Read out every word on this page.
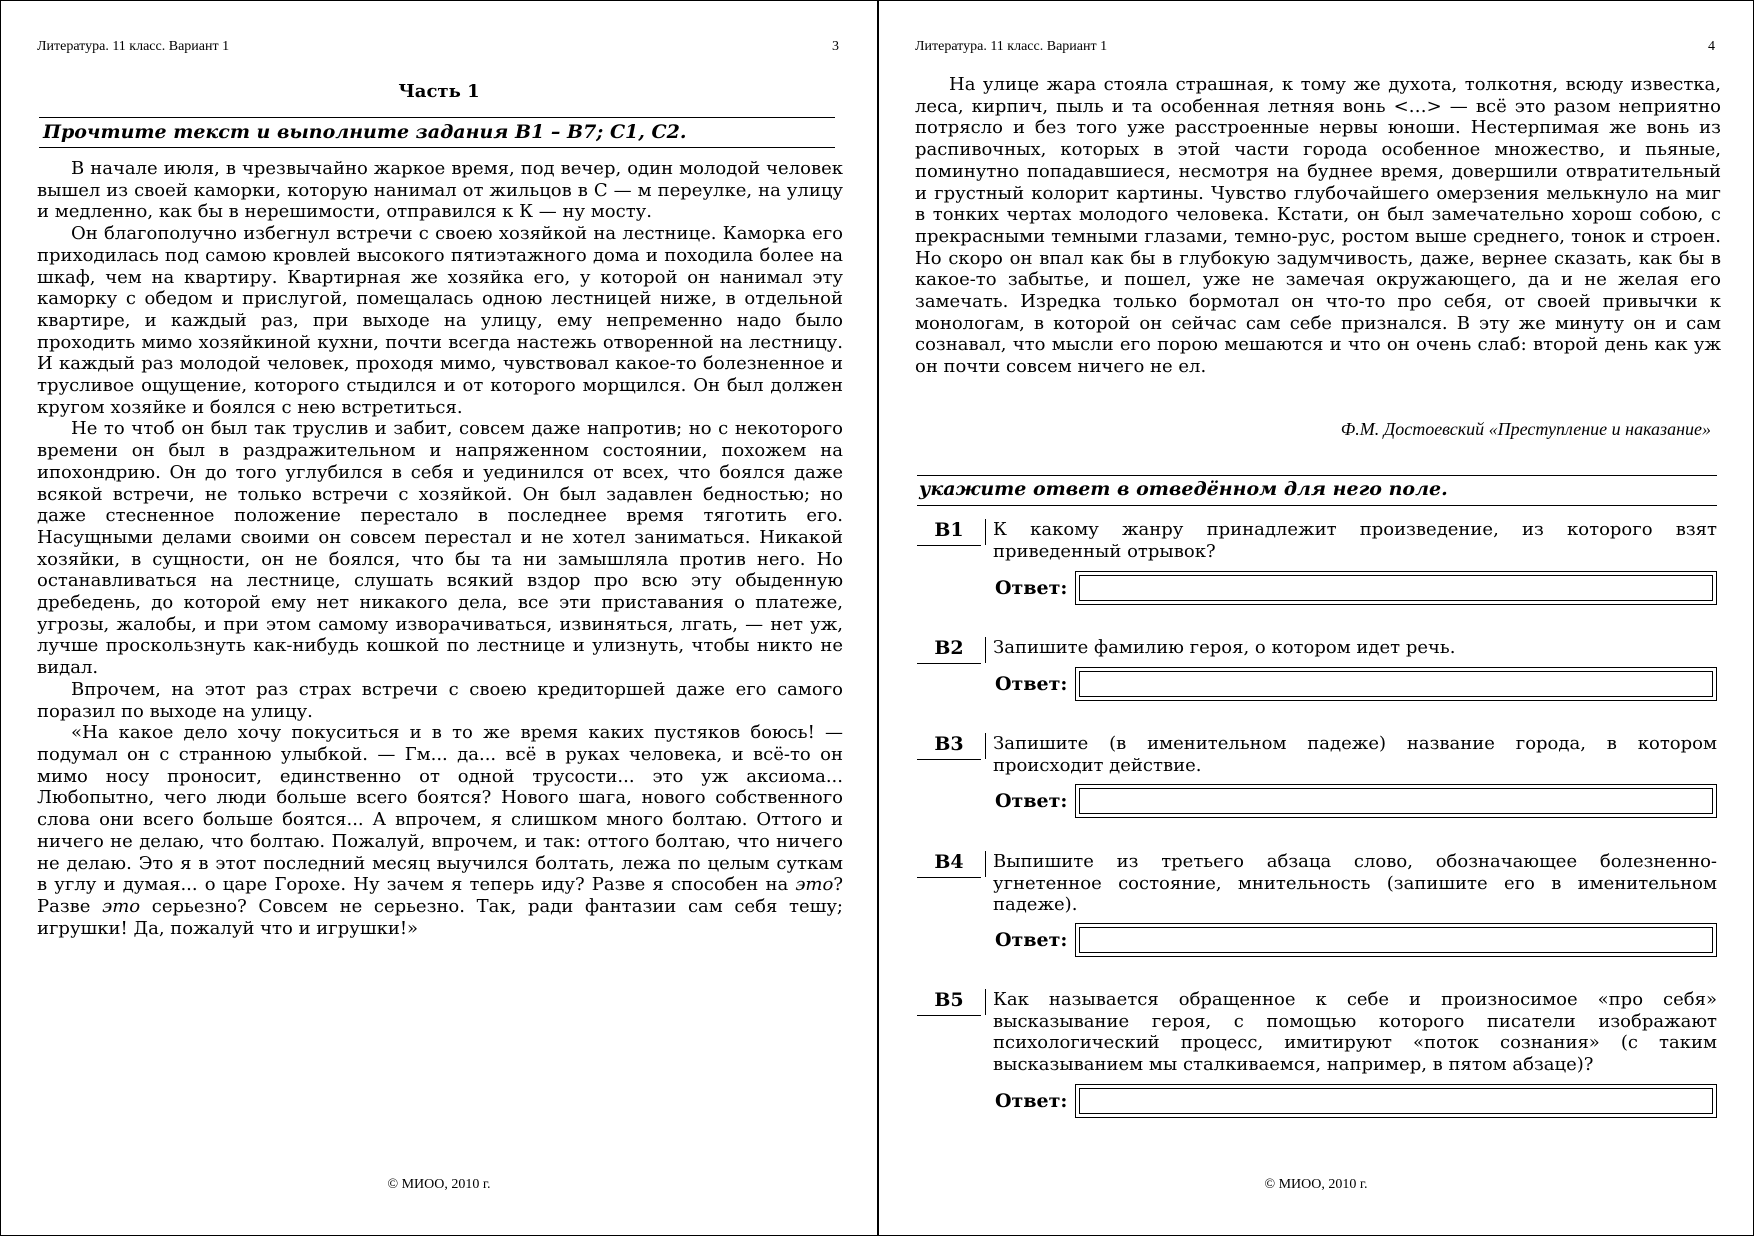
Литература. 11 класс. Вариант 1	3
Часть 1
Прочтите текст и выполните задания В1 – В7; С1, С2.

В начале июля, в чрезвычайно жаркое время, под вечер, один молодой человек вышел из своей каморки, которую нанимал от жильцов в С — м переулке, на улицу и медленно, как бы в нерешимости, отправился к К — ну мосту.

Он благополучно избегнул встречи с своею хозяйкой на лестнице. Каморка его приходилась под самою кровлей высокого пятиэтажного дома и походила более на шкаф, чем на квартиру. Квартирная же хозяйка его, у которой он нанимал эту каморку с обедом и прислугой, помещалась одною лестницей ниже, в отдельной квартире, и каждый раз, при выходе на улицу, ему непременно надо было проходить мимо хозяйкиной кухни, почти всегда настежь отворенной на лестницу. И каждый раз молодой человек, проходя мимо, чувствовал какое-то болезненное и трусливое ощущение, которого стыдился и от которого морщился. Он был должен кругом хозяйке и боялся с нею встретиться.

Не то чтоб он был так труслив и забит, совсем даже напротив; но с некоторого времени он был в раздражительном и напряженном состоянии, похожем на ипохондрию. Он до того углубился в себя и уединился от всех, что боялся даже всякой встречи, не только встречи с хозяйкой. Он был задавлен бедностью; но даже стесненное положение перестало в последнее время тяготить его. Насущными делами своими он совсем перестал и не хотел заниматься. Никакой хозяйки, в сущности, он не боялся, что бы та ни замышляла против него. Но останавливаться на лестнице, слушать всякий вздор про всю эту обыденную дребедень, до которой ему нет никакого дела, все эти приставания о платеже, угрозы, жалобы, и при этом самому изворачиваться, извиняться, лгать, — нет уж, лучше проскользнуть как-нибудь кошкой по лестнице и улизнуть, чтобы никто не видал.

Впрочем, на этот раз страх встречи с своею кредиторшей даже его самого поразил по выходе на улицу.

«На какое дело хочу покуситься и в то же время каких пустяков боюсь! — подумал он с странною улыбкой. — Гм... да... всё в руках человека, и всё-то он мимо носу проносит, единственно от одной трусости... это уж аксиома... Любопытно, чего люди больше всего боятся? Нового шага, нового собственного слова они всего больше боятся... А впрочем, я слишком много болтаю. Оттого и ничего не делаю, что болтаю. Пожалуй, впрочем, и так: оттого болтаю, что ничего не делаю. Это я в этот последний месяц выучился болтать, лежа по целым суткам в углу и думая... о царе Горохе. Ну зачем я теперь иду? Разве я способен на это? Разве это серьезно? Совсем не серьезно. Так, ради фантазии сам себя тешу; игрушки! Да, пожалуй что и игрушки!»

© МИОО, 2010 г.
Литература. 11 класс. Вариант 1	4

На улице жара стояла страшная, к тому же духота, толкотня, всюду известка, леса, кирпич, пыль и та особенная летняя вонь <…> — всё это разом неприятно потрясло и без того уже расстроенные нервы юноши. Нестерпимая же вонь из распивочных, которых в этой части города особенное множество, и пьяные, поминутно попадавшиеся, несмотря на буднее время, довершили отвратительный и грустный колорит картины. Чувство глубочайшего омерзения мелькнуло на миг в тонких чертах молодого человека. Кстати, он был замечательно хорош собою, с прекрасными темными глазами, темно-рус, ростом выше среднего, тонок и строен. Но скоро он впал как бы в глубокую задумчивость, даже, вернее сказать, как бы в какое-то забытье, и пошел, уже не замечая окружающего, да и не желая его замечать. Изредка только бормотал он что-то про себя, от своей привычки к монологам, в которой он сейчас сам себе признался. В эту же минуту он и сам сознавал, что мысли его порою мешаются и что он очень слаб: второй день как уж он почти совсем ничего не ел.

Ф.М. Достоевский «Преступление и наказание»
укажите ответ в отведённом для него поле.
В1	К какому жанру принадлежит произведение, из которого взят приведенный отрывок?
Ответ:
В2	Запишите фамилию героя, о котором идет речь.
Ответ:
В3	Запишите (в именительном падеже) название города, в котором происходит действие.
Ответ:
В4	Выпишите из третьего абзаца слово, обозначающее болезненно-угнетенное состояние, мнительность (запишите его в именительном падеже).
Ответ:
В5	Как называется обращенное к себе и произносимое «про себя» высказывание героя, с помощью которого писатели изображают психологический процесс, имитируют «поток сознания» (с таким высказыванием мы сталкиваемся, например, в пятом абзаце)?
Ответ:
© МИОО, 2010 г.
